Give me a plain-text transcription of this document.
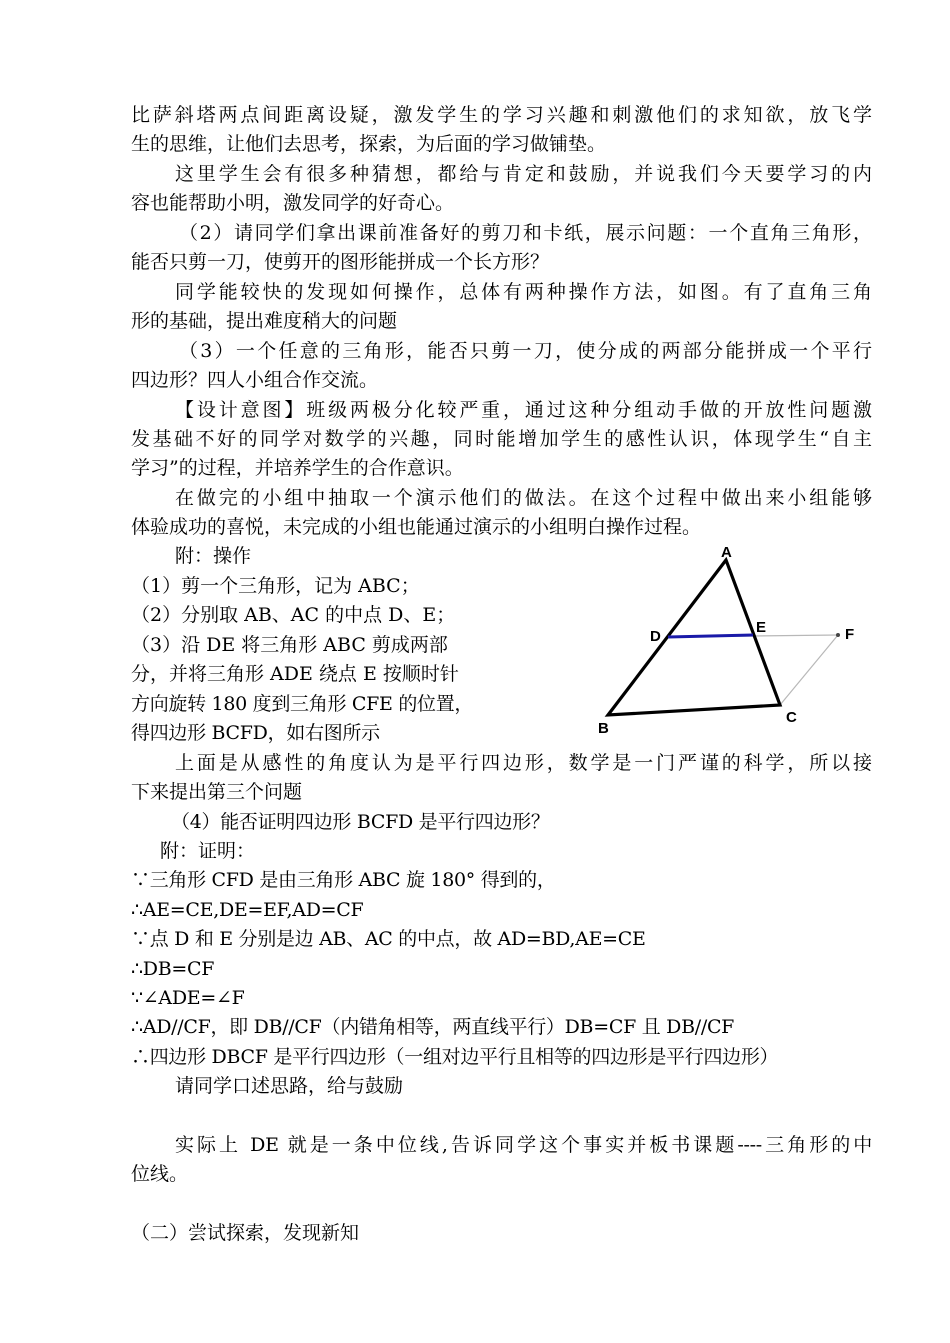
比萨斜塔两点间距离设疑，激发学生的学习兴趣和刺激他们的求知欲，放飞学
生的思维，让他们去思考，探索，为后面的学习做铺垫。
这里学生会有很多种猜想，都给与肯定和鼓励，并说我们今天要学习的内
容也能帮助小明，激发同学的好奇心。
（2）请同学们拿出课前准备好的剪刀和卡纸，展示问题：一个直角三角形，
能否只剪一刀，使剪开的图形能拼成一个长方形？
同学能较快的发现如何操作，总体有两种操作方法，如图。有了直角三角
形的基础，提出难度稍大的问题
（3）一个任意的三角形，能否只剪一刀，使分成的两部分能拼成一个平行
四边形？四人小组合作交流。
【设计意图】班级两极分化较严重，通过这种分组动手做的开放性问题激
发基础不好的同学对数学的兴趣，同时能增加学生的感性认识，体现学生“自主
学习”的过程，并培养学生的合作意识。
在做完的小组中抽取一个演示他们的做法。在这个过程中做出来小组能够
体验成功的喜悦，未完成的小组也能通过演示的小组明白操作过程。
附：操作
（1）剪一个三角形，记为 ABC；
（2）分别取 AB、AC 的中点 D、E；
（3）沿 DE 将三角形 ABC 剪成两部
分，并将三角形 ADE 绕点 E 按顺时针
方向旋转 180 度到三角形 CFE 的位置，
得四边形 BCFD，如右图所示
A
B
C
D
E	F
上面是从感性的角度认为是平行四边形，数学是一门严谨的科学，所以接
下来提出第三个问题
（4）能否证明四边形 BCFD 是平行四边形？
附：证明：
∵三角形 CFD 是由三角形 ABC 旋 180° 得到的，
∴AE=CE,DE=EF,AD=CF
∵点 D 和 E 分别是边 AB、AC 的中点，故 AD=BD,AE=CE
∴DB=CF
∵∠ADE=∠F
∴AD//CF，即 DB//CF（内错角相等，两直线平行）DB=CF 且 DB//CF
∴四边形 DBCF 是平行四边形（一组对边平行且相等的四边形是平行四边形）
请同学口述思路，给与鼓励
实际上 DE 就是一条中位线,告诉同学这个事实并板书课题----三角形的中
位线。
（二）尝试探索，发现新知
